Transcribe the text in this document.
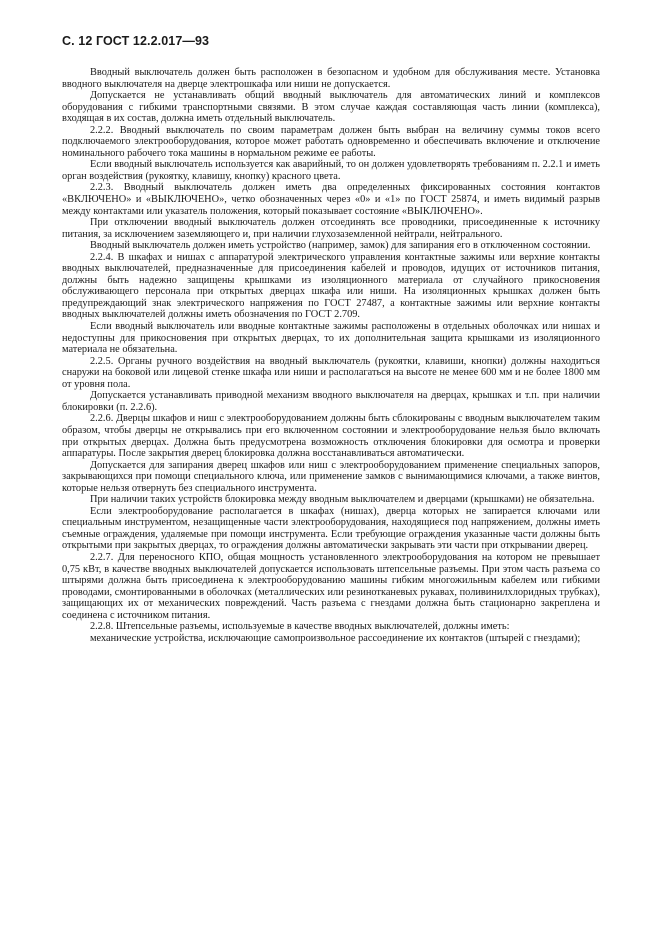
С. 12 ГОСТ 12.2.017—93

Вводный выключатель должен быть расположен в безопасном и удобном для обслуживания месте. Установка вводного выключателя на дверце электрошкафа или ниши не допускается.

Допускается не устанавливать общий вводный выключатель для автоматических линий и комплексов оборудования с гибкими транспортными связями. В этом случае каждая составляющая часть линии (комплекса), входящая в их состав, должна иметь отдельный выключатель.

2.2.2. Вводный выключатель по своим параметрам должен быть выбран на величину суммы токов всего подключаемого электрооборудования, которое может работать одновременно и обеспечивать включение и отключение номинального рабочего тока машины в нормальном режиме ее работы.

Если вводный выключатель используется как аварийный, то он должен удовлетворять требованиям п. 2.2.1 и иметь орган воздействия (рукоятку, клавишу, кнопку) красного цвета.

2.2.3. Вводный выключатель должен иметь два определенных фиксированных состояния контактов «ВКЛЮЧЕНО» и «ВЫКЛЮЧЕНО», четко обозначенных через «0» и «1» по ГОСТ 25874, и иметь видимый разрыв между контактами или указатель положения, который показывает состояние «ВЫКЛЮЧЕНО».

При отключении вводный выключатель должен отсоединять все проводники, присоединенные к источнику питания, за исключением заземляющего и, при наличии глухозаземленной нейтрали, нейтрального.

Вводный выключатель должен иметь устройство (например, замок) для запирания его в отключенном состоянии.

2.2.4. В шкафах и нишах с аппаратурой электрического управления контактные зажимы или верхние контакты вводных выключателей, предназначенные для присоединения кабелей и проводов, идущих от источников питания, должны быть надежно защищены крышками из изоляционного материала от случайного прикосновения обслуживающего персонала при открытых дверцах шкафа или ниши. На изоляционных крышках должен быть предупреждающий знак электрического напряжения по ГОСТ 27487, а контактные зажимы или верхние контакты вводных выключателей должны иметь обозначения по ГОСТ 2.709.

Если вводный выключатель или вводные контактные зажимы расположены в отдельных оболочках или нишах и недоступны для прикосновения при открытых дверцах, то их дополнительная защита крышками из изоляционного материала не обязательна.

2.2.5. Органы ручного воздействия на вводный выключатель (рукоятки, клавиши, кнопки) должны находиться снаружи на боковой или лицевой стенке шкафа или ниши и располагаться на высоте не менее 600 мм и не более 1800 мм от уровня пола.

Допускается устанавливать приводной механизм вводного выключателя на дверцах, крышках и т.п. при наличии блокировки (п. 2.2.6).

2.2.6. Дверцы шкафов и ниш с электрооборудованием должны быть сблокированы с вводным выключателем таким образом, чтобы дверцы не открывались при его включенном состоянии и электрооборудование нельзя было включать при открытых дверцах. Должна быть предусмотрена возможность отключения блокировки для осмотра и проверки аппаратуры. После закрытия дверец блокировка должна восстанавливаться автоматически.

Допускается для запирания дверец шкафов или ниш с электрооборудованием применение специальных запоров, закрывающихся при помощи специального ключа, или применение замков с вынимающимися ключами, а также винтов, которые нельзя отвернуть без специального инструмента.

При наличии таких устройств блокировка между вводным выключателем и дверцами (крышками) не обязательна.

Если электрооборудование располагается в шкафах (нишах), дверца которых не запирается ключами или специальным инструментом, незащищенные части электрооборудования, находящиеся под напряжением, должны иметь съемные ограждения, удаляемые при помощи инструмента. Если требующие ограждения указанные части должны быть открытыми при закрытых дверцах, то ограждения должны автоматически закрывать эти части при открывании дверец.

2.2.7. Для переносного КПО, общая мощность установленного электрооборудования на котором не превышает 0,75 кВт, в качестве вводных выключателей допускается использовать штепсельные разъемы. При этом часть разъема со штырями должна быть присоединена к электрооборудованию машины гибким многожильным кабелем или гибкими проводами, смонтированными в оболочках (металлических или резинотканевых рукавах, поливинилхлоридных трубках), защищающих их от механических повреждений. Часть разъема с гнездами должна быть стационарно закреплена и соединена с источником питания.

2.2.8. Штепсельные разъемы, используемые в качестве вводных выключателей, должны иметь:

механические устройства, исключающие самопроизвольное рассоединение их контактов (штырей с гнездами);
